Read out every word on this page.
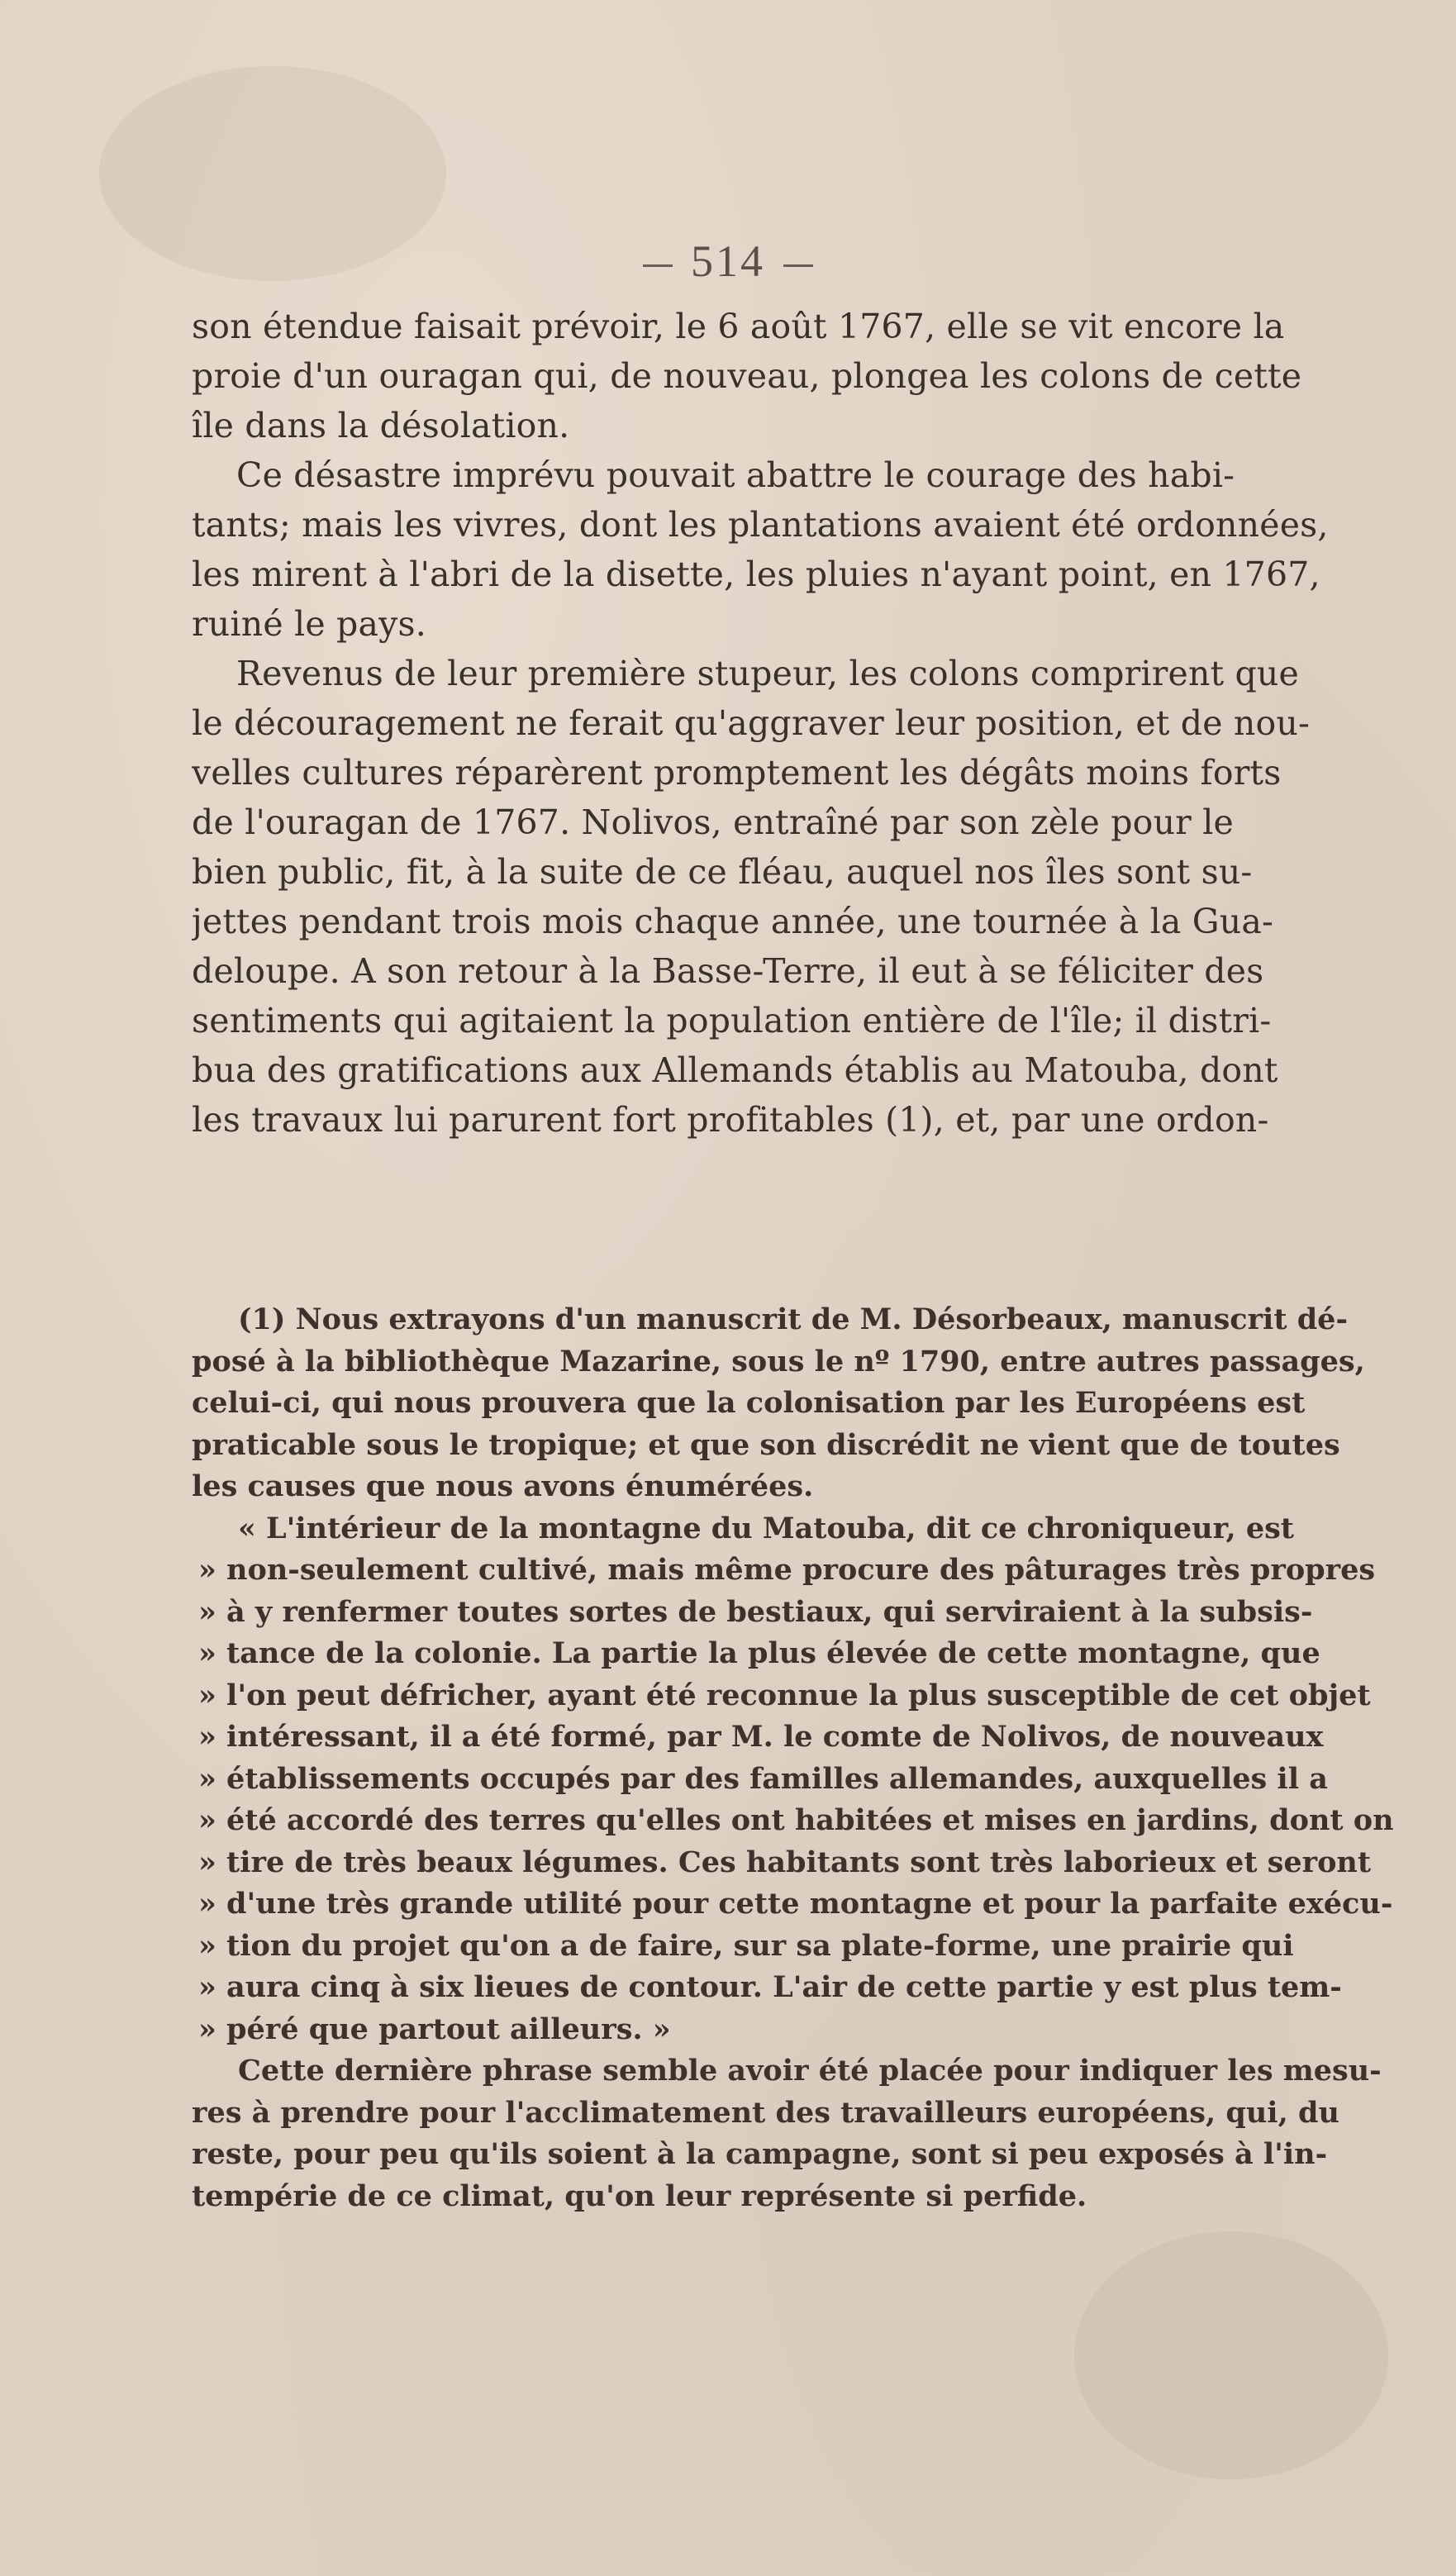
514
son étendue faisait prévoir, le 6 août 1767, elle se vit encore la
proie d'un ouragan qui, de nouveau, plongea les colons de cette
île dans la désolation.
Ce désastre imprévu pouvait abattre le courage des habi-
tants; mais les vivres, dont les plantations avaient été ordonnées,
les mirent à l'abri de la disette, les pluies n'ayant point, en 1767,
ruiné le pays.
Revenus de leur première stupeur, les colons comprirent que
le découragement ne ferait qu'aggraver leur position, et de nou-
velles cultures réparèrent promptement les dégâts moins forts
de l'ouragan de 1767. Nolivos, entraîné par son zèle pour le
bien public, fit, à la suite de ce fléau, auquel nos îles sont su-
jettes pendant trois mois chaque année, une tournée à la Gua-
deloupe. A son retour à la Basse-Terre, il eut à se féliciter des
sentiments qui agitaient la population entière de l'île; il distri-
bua des gratifications aux Allemands établis au Matouba, dont
les travaux lui parurent fort profitables (1), et, par une ordon-
(1) Nous extrayons d'un manuscrit de M. Désorbeaux, manuscrit dé-
posé à la bibliothèque Mazarine, sous le nº 1790, entre autres passages,
celui-ci, qui nous prouvera que la colonisation par les Européens est
praticable sous le tropique; et que son discrédit ne vient que de toutes
les causes que nous avons énumérées.
« L'intérieur de la montagne du Matouba, dit ce chroniqueur, est
» non-seulement cultivé, mais même procure des pâturages très propres
» à y renfermer toutes sortes de bestiaux, qui serviraient à la subsis-
» tance de la colonie. La partie la plus élevée de cette montagne, que
» l'on peut défricher, ayant été reconnue la plus susceptible de cet objet
» intéressant, il a été formé, par M. le comte de Nolivos, de nouveaux
» établissements occupés par des familles allemandes, auxquelles il a
» été accordé des terres qu'elles ont habitées et mises en jardins, dont on
» tire de très beaux légumes. Ces habitants sont très laborieux et seront
» d'une très grande utilité pour cette montagne et pour la parfaite exécu-
» tion du projet qu'on a de faire, sur sa plate-forme, une prairie qui
» aura cinq à six lieues de contour. L'air de cette partie y est plus tem-
» péré que partout ailleurs. »
Cette dernière phrase semble avoir été placée pour indiquer les mesu-
res à prendre pour l'acclimatement des travailleurs européens, qui, du
reste, pour peu qu'ils soient à la campagne, sont si peu exposés à l'in-
tempérie de ce climat, qu'on leur représente si perfide.
